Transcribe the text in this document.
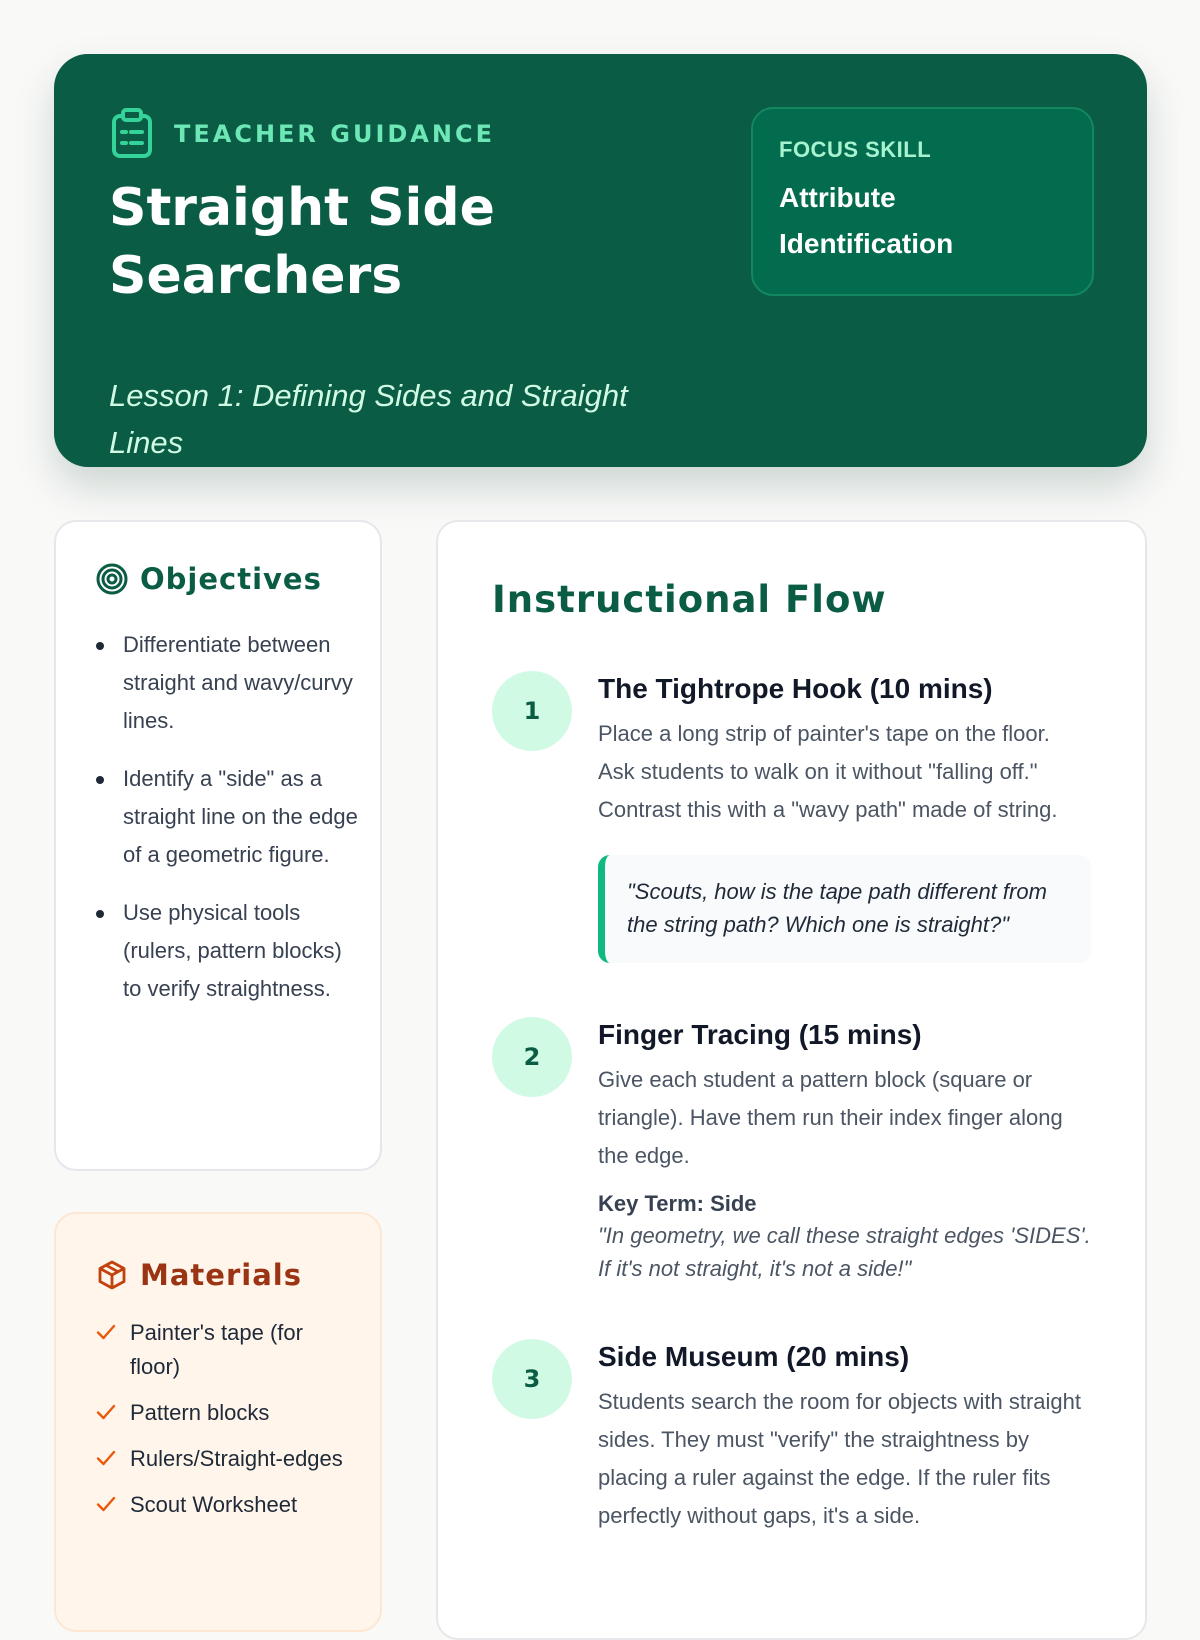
TEACHER GUIDANCE
Straight Side Searchers
Lesson 1: Defining Sides and Straight Lines
FOCUS SKILL
Attribute Identification
Objectives
Differentiate between straight and wavy/curvy lines.
Identify a "side" as a straight line on the edge of a geometric figure.
Use physical tools (rulers, pattern blocks) to verify straightness.
Materials
Painter's tape (for floor)
Pattern blocks
Rulers/Straight-edges
Scout Worksheet
Instructional Flow
1
The Tightrope Hook (10 mins)

Place a long strip of painter's tape on the floor. Ask students to walk on it without "falling off." Contrast this with a "wavy path" made of string.

"Scouts, how is the tape path different from the string path? Which one is straight?"
2
Finger Tracing (15 mins)

Give each student a pattern block (square or triangle). Have them run their index finger along the edge.

Key Term: Side
"In geometry, we call these straight edges 'SIDES'. If it's not straight, it's not a side!"
3
Side Museum (20 mins)

Students search the room for objects with straight sides. They must "verify" the straightness by placing a ruler against the edge. If the ruler fits perfectly without gaps, it's a side.
